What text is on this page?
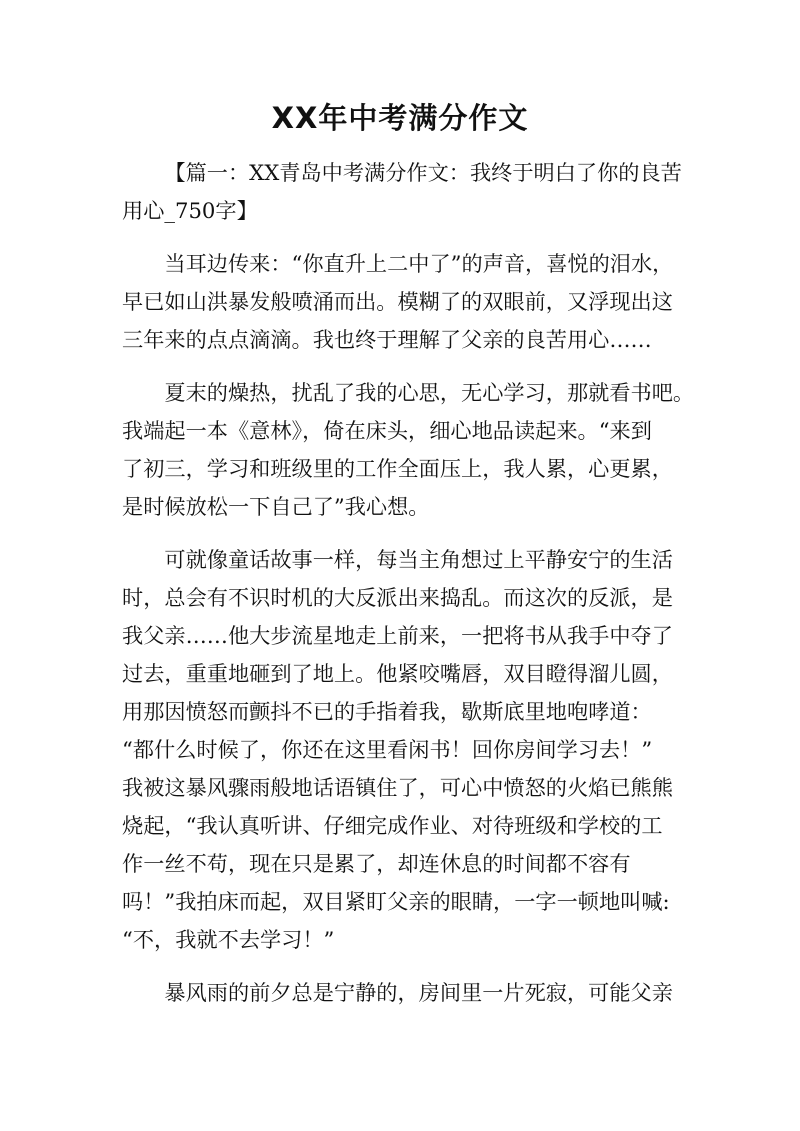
XX年中考满分作文

【篇一：XX青岛中考满分作文：我终于明白了你的良苦
用心_750字】

当耳边传来：“你直升上二中了”的声音，喜悦的泪水，
早已如山洪暴发般喷涌而出。模糊了的双眼前，又浮现出这
三年来的点点滴滴。我也终于理解了父亲的良苦用心……

夏末的燥热，扰乱了我的心思，无心学习，那就看书吧。
我端起一本《意林》，倚在床头，细心地品读起来。“来到
了初三，学习和班级里的工作全面压上，我人累，心更累，
是时候放松一下自己了”我心想。

可就像童话故事一样，每当主角想过上平静安宁的生活
时，总会有不识时机的大反派出来捣乱。而这次的反派，是
我父亲……他大步流星地走上前来，一把将书从我手中夺了
过去，重重地砸到了地上。他紧咬嘴唇，双目瞪得溜儿圆，
用那因愤怒而颤抖不已的手指着我，歇斯底里地咆哮道：
“都什么时候了，你还在这里看闲书！回你房间学习去！”
我被这暴风骤雨般地话语镇住了，可心中愤怒的火焰已熊熊
烧起，“我认真听讲、仔细完成作业、对待班级和学校的工
作一丝不苟，现在只是累了，却连休息的时间都不容有
吗！”我拍床而起，双目紧盯父亲的眼睛，一字一顿地叫喊:
“不，我就不去学习！”

暴风雨的前夕总是宁静的，房间里一片死寂，可能父亲
